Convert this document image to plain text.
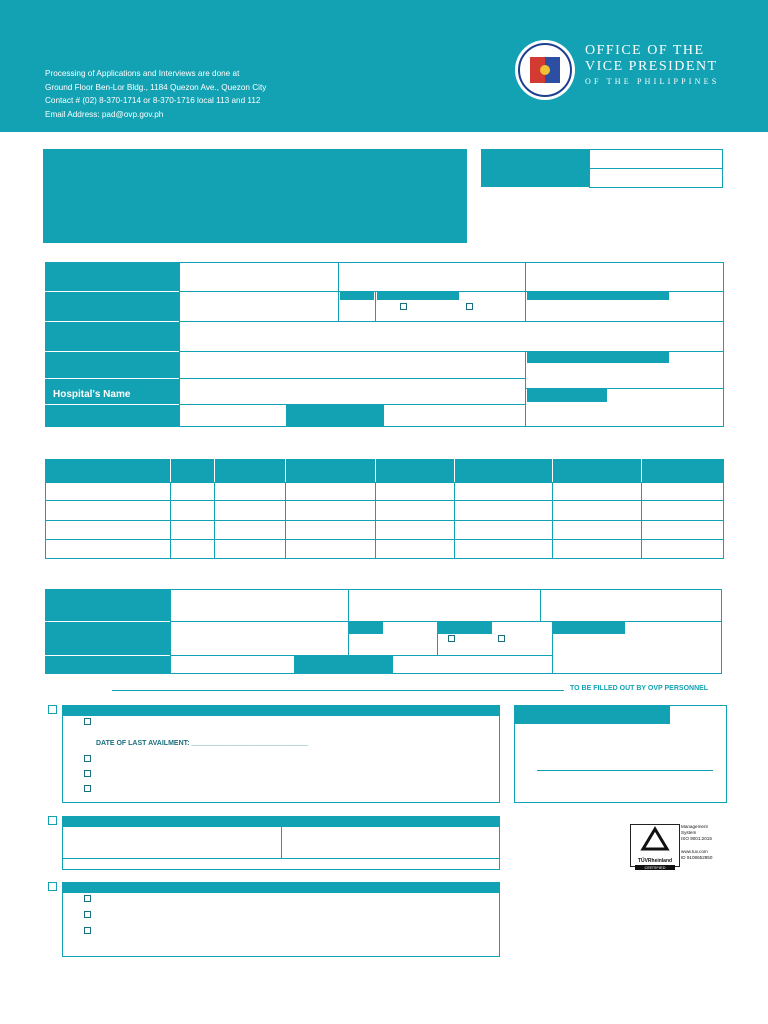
Processing of Applications and Interviews are done at
Ground Floor Ben-Lor Bldg., 1184 Quezon Ave., Quezon City
Contact # (02) 8-370-1714 or 8-370-1716 local 113 and 112
Email Address: pad@ovp.gov.ph
OFFICE OF THE
VICE PRESIDENT
OF THE PHILIPPINES
Hospital's Name
TO BE FILLED OUT BY OVP PERSONNEL
DATE OF LAST AVAILMENT: ______________________________
TÜVRheinland
CERTIFIED
Management
System
ISO 9001:2015
www.tuv.com
ID 9108652850
